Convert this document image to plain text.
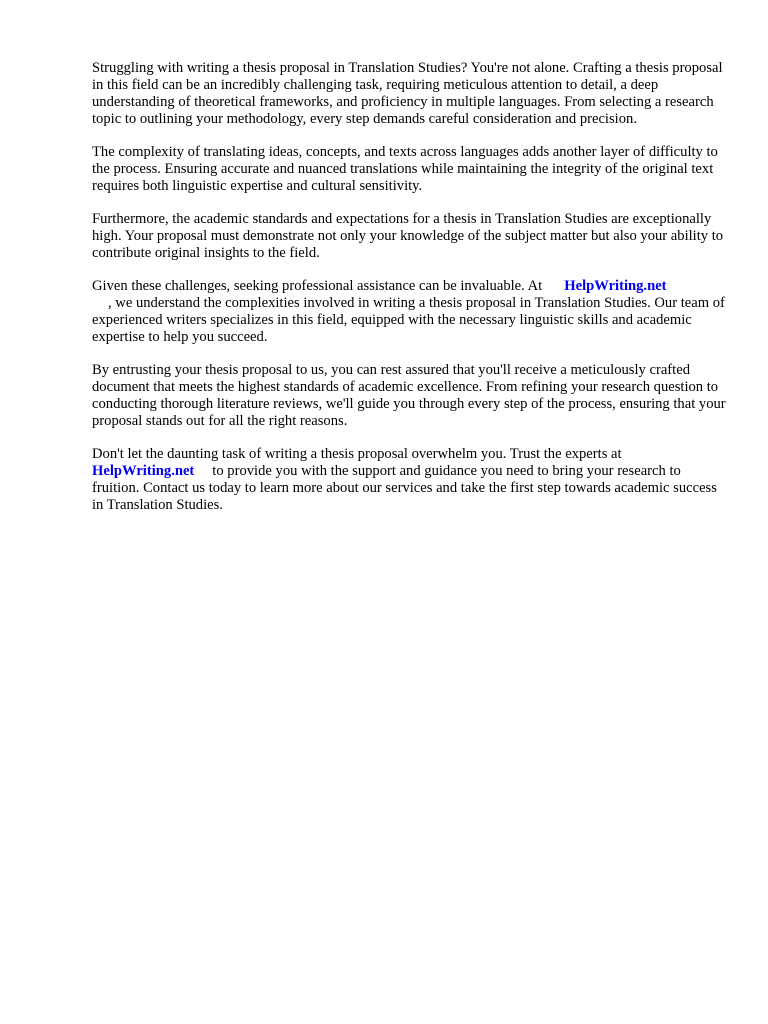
Struggling with writing a thesis proposal in Translation Studies? You're not alone. Crafting a thesis proposal in this field can be an incredibly challenging task, requiring meticulous attention to detail, a deep understanding of theoretical frameworks, and proficiency in multiple languages. From selecting a research topic to outlining your methodology, every step demands careful consideration and precision.

The complexity of translating ideas, concepts, and texts across languages adds another layer of difficulty to the process. Ensuring accurate and nuanced translations while maintaining the integrity of the original text requires both linguistic expertise and cultural sensitivity.

Furthermore, the academic standards and expectations for a thesis in Translation Studies are exceptionally high. Your proposal must demonstrate not only your knowledge of the subject matter but also your ability to contribute original insights to the field.

Given these challenges, seeking professional assistance can be invaluable. At HelpWriting.net
, we understand the complexities involved in writing a thesis proposal in Translation Studies. Our team of experienced writers specializes in this field, equipped with the necessary linguistic skills and academic expertise to help you succeed.

By entrusting your thesis proposal to us, you can rest assured that you'll receive a meticulously crafted document that meets the highest standards of academic excellence. From refining your research question to conducting thorough literature reviews, we'll guide you through every step of the process, ensuring that your proposal stands out for all the right reasons.

Don't let the daunting task of writing a thesis proposal overwhelm you. Trust the experts at
HelpWriting.net to provide you with the support and guidance you need to bring your research to fruition. Contact us today to learn more about our services and take the first step towards academic success in Translation Studies.
